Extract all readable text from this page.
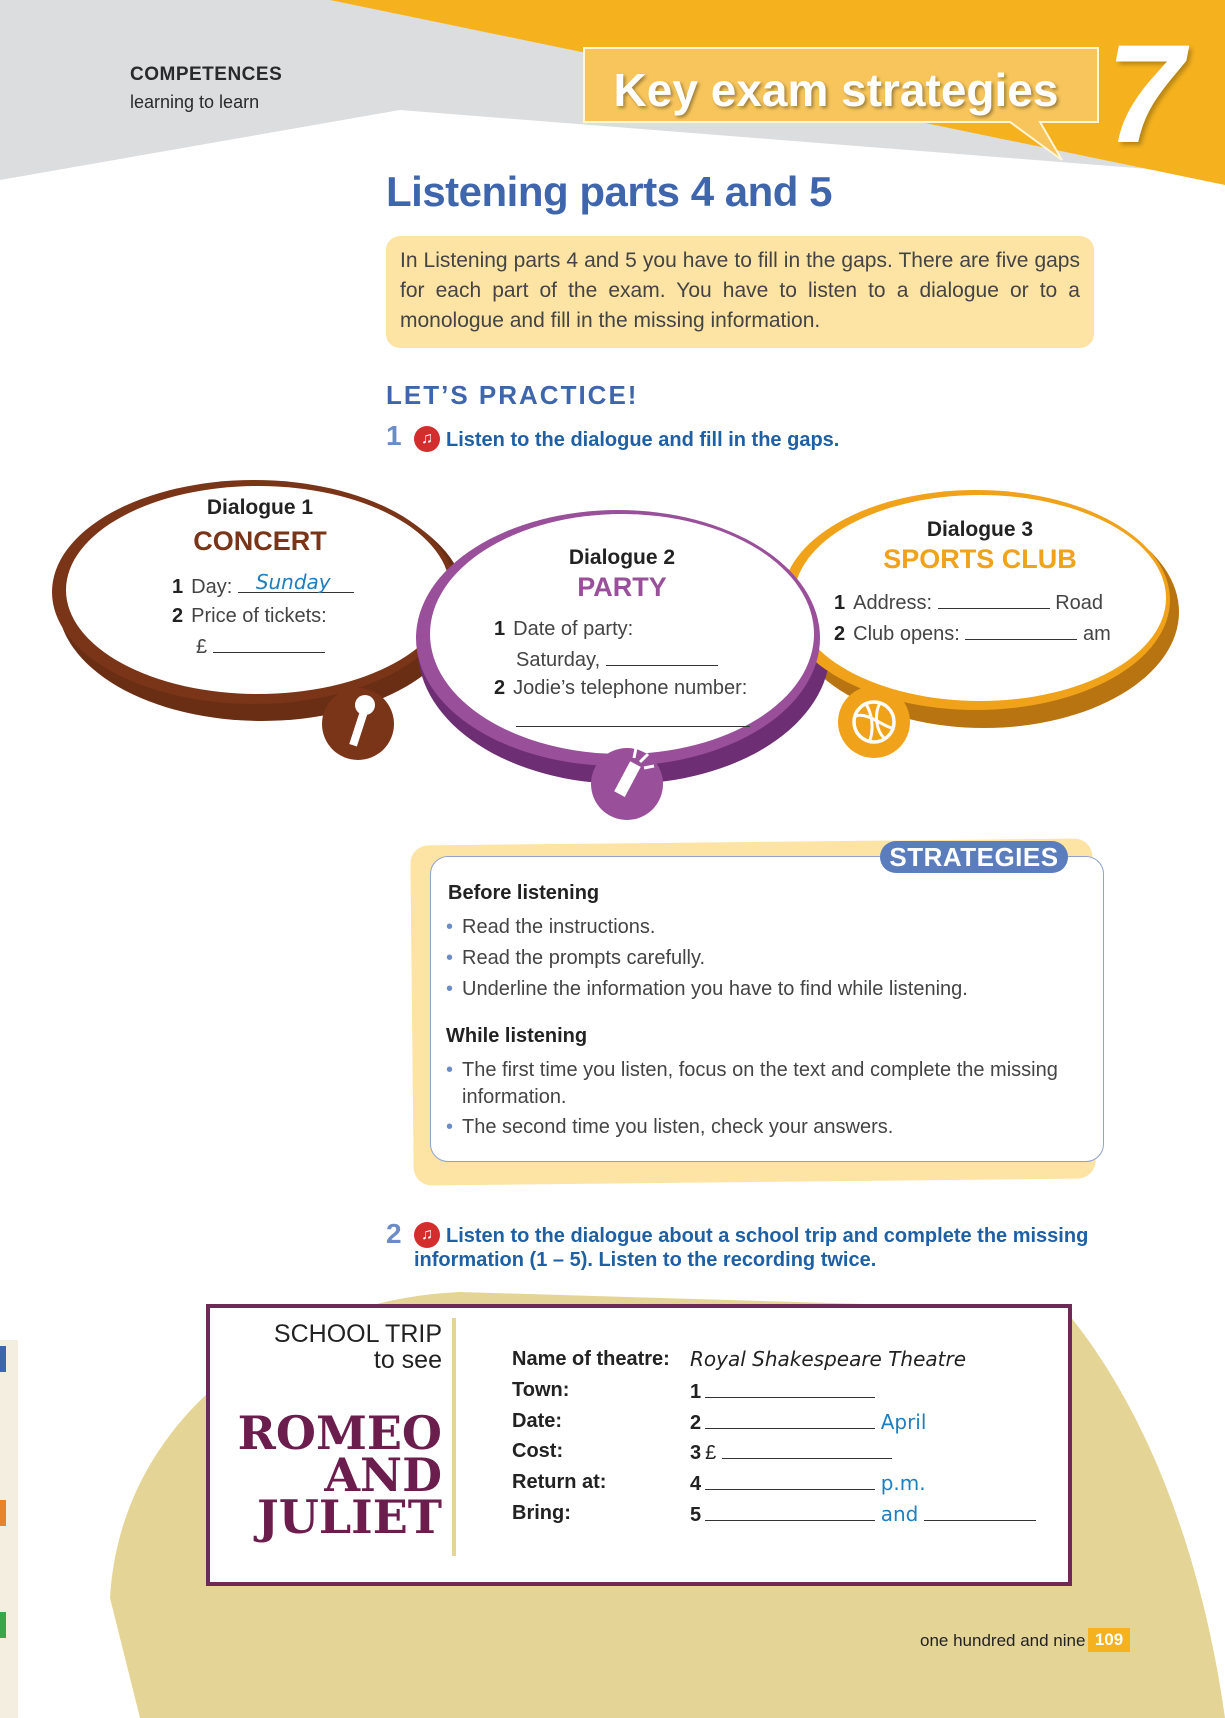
COMPETENCES
learning to learn	Key exam strategies 7
Listening parts 4 and 5
In Listening parts 4 and 5 you have to fill in the gaps. There are five gaps for each part of the exam. You have to listen to a dialogue or to a monologue and fill in the missing information.
LET’S PRACTICE!
1	♫ Listen to the dialogue and fill in the gaps.
Dialogue 1
CONCERT
1 Day: Sunday
2 Price of tickets:
£
Dialogue 2
PARTY
1 Date of party:
Saturday,
2 Jodie’s telephone number:
Dialogue 3
SPORTS CLUB
1 Address:	Road
2 Club opens:	am
STRATEGIES
Before listening
• Read the instructions.
• Read the prompts carefully.
• Underline the information you have to find while listening.
While listening
• The first time you listen, focus on the text and complete the missing information.
• The second time you listen, check your answers.
2	♫ Listen to the dialogue about a school trip and complete the missing
information (1 – 5). Listen to the recording twice.
SCHOOL TRIP
to see
ROMEO
AND
JULIET
Name of theatre: Royal Shakespeare Theatre
Town:	1
Date:	2	April
Cost:	3 £
Return at:	4	p.m.
Bring:	5	and
one hundred and nine 109
